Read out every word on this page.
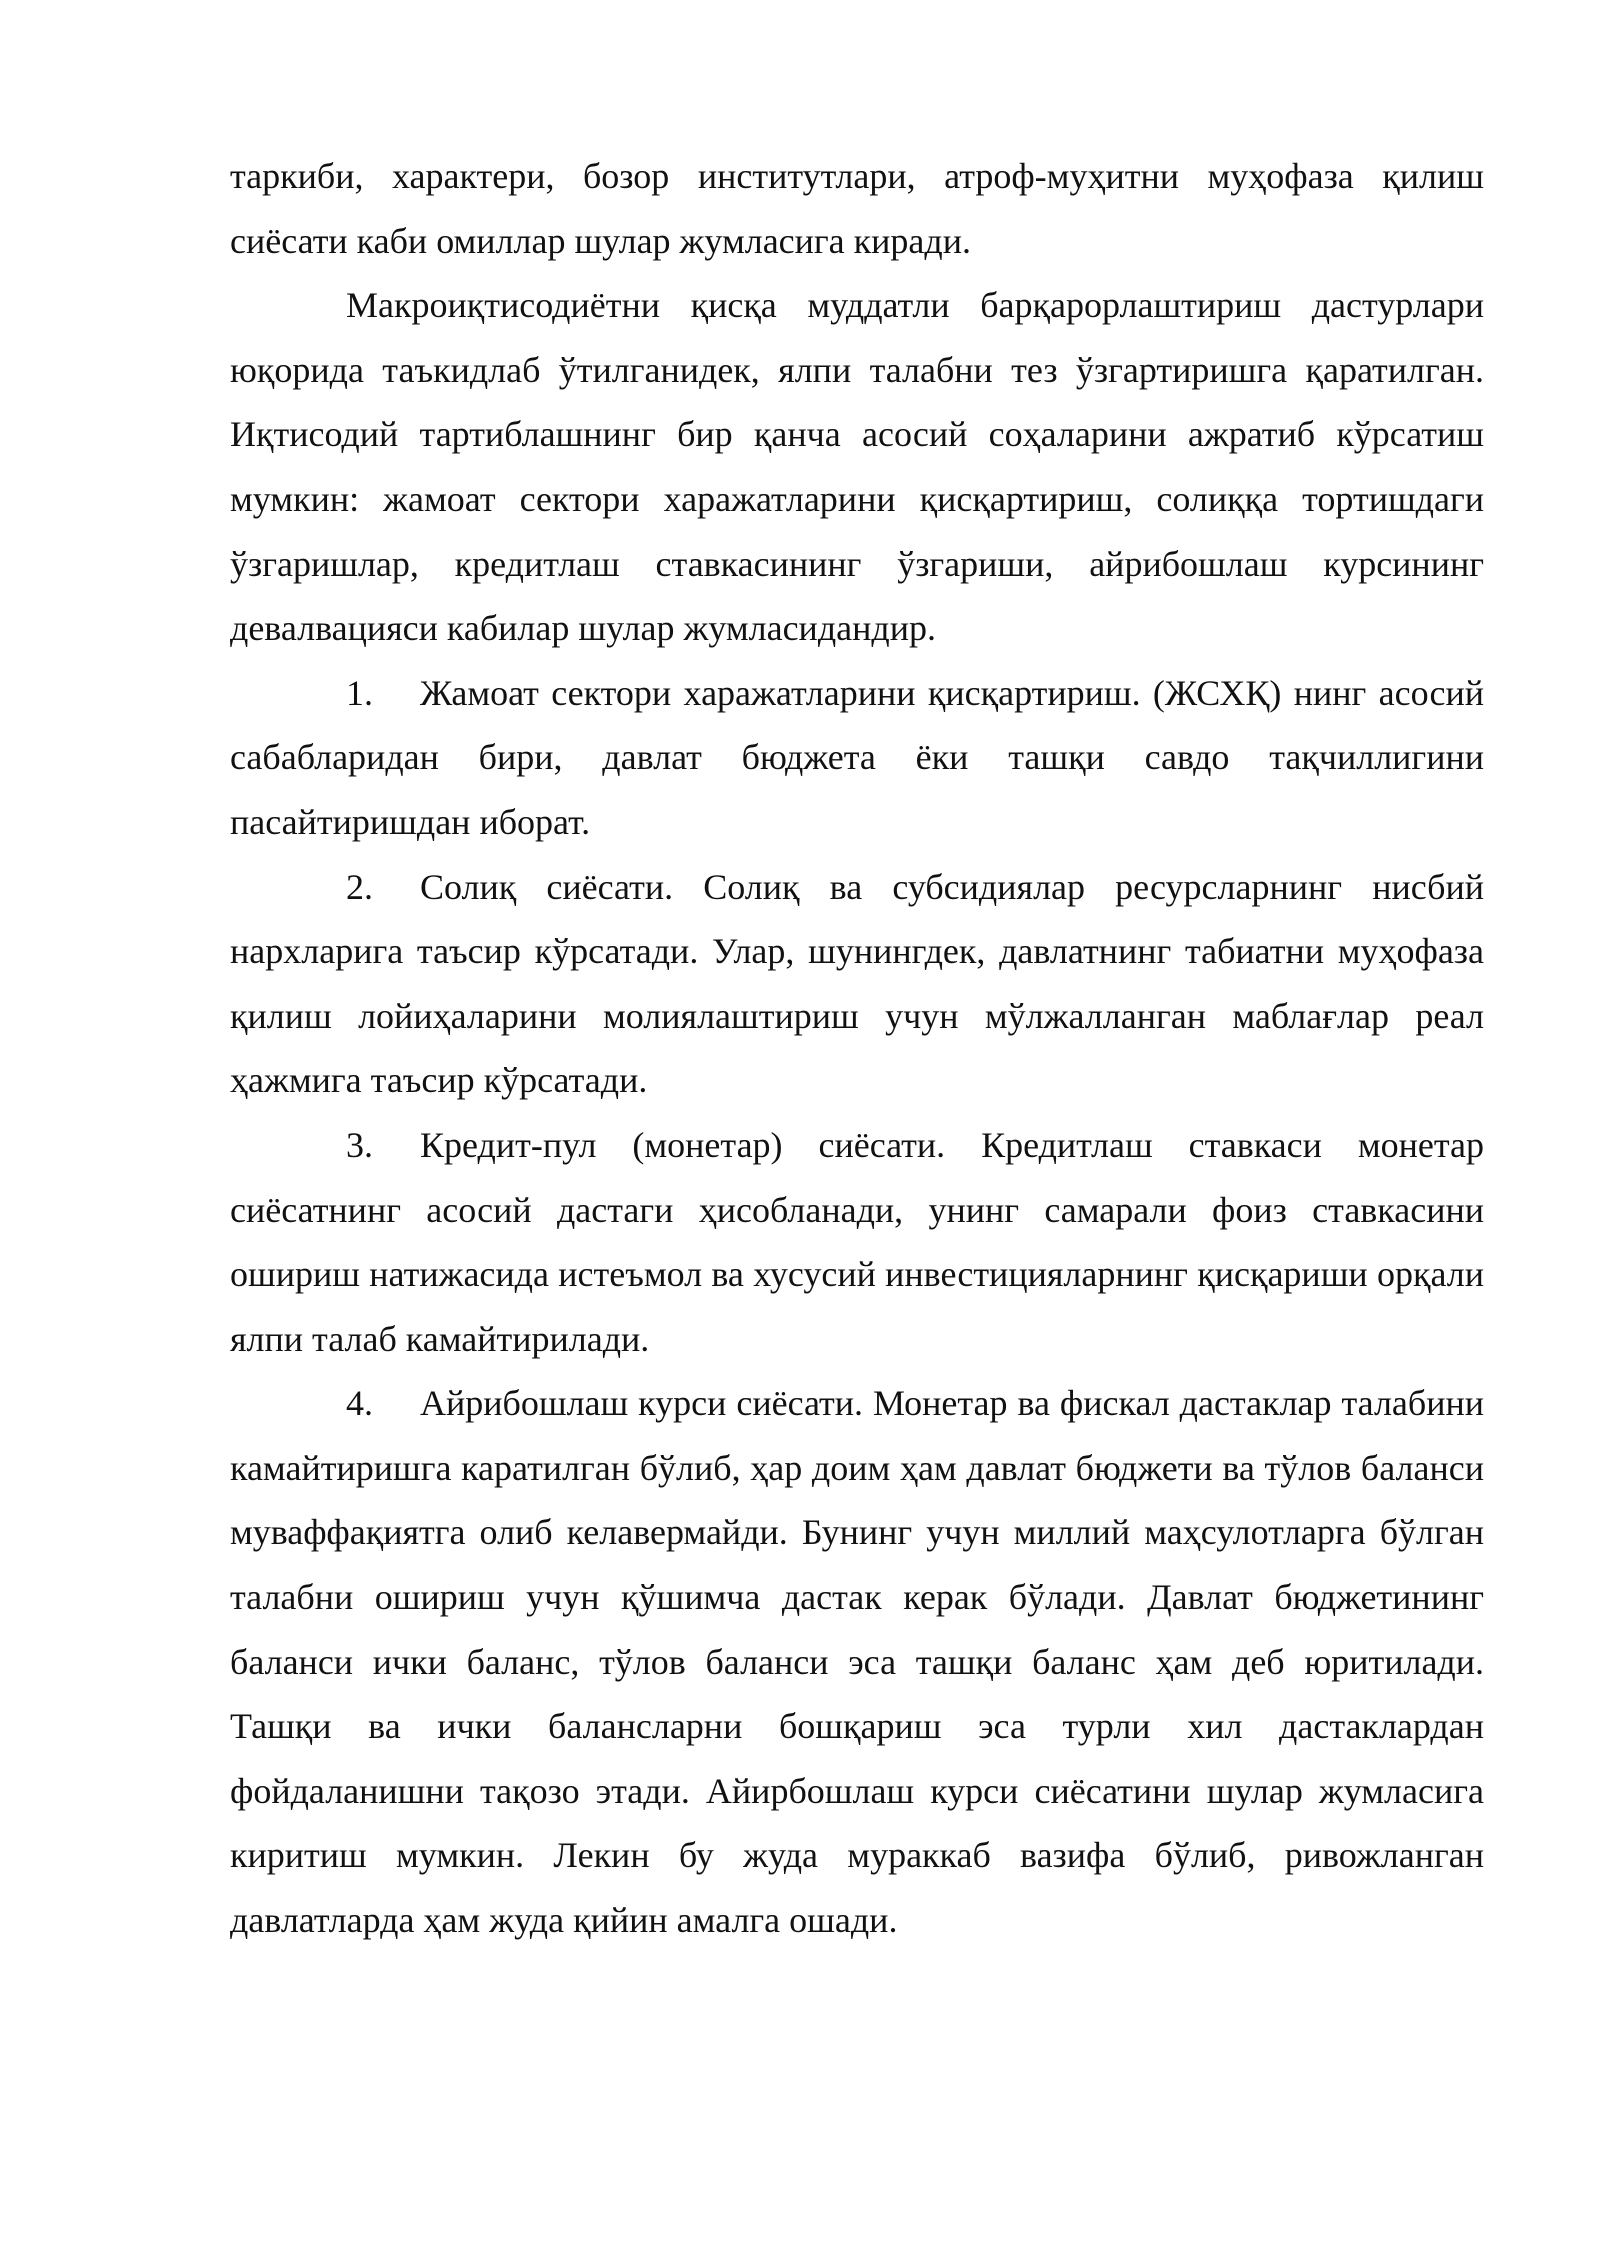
таркиби, характери, бозор институтлари, атроф-муҳитни муҳофаза қилиш сиёсати каби омиллар шулар жумласига киради.

Макроиқтисодиётни қисқа муддатли барқарорлаштириш дастурлари юқорида таъкидлаб ўтилганидек, ялпи талабни тез ўзгартиришга қаратилган. Иқтисодий тартиблашнинг бир қанча асосий соҳаларини ажратиб кўрсатиш мумкин: жамоат сектори харажатларини қисқартириш, солиққа тортишдаги ўзгаришлар, кредитлаш ставкасининг ўзгариши, айрибошлаш курсининг девалвацияси кабилар шулар жумласидандир.

1. Жамоат сектори харажатларини қисқартириш. (ЖСХҚ) нинг асосий сабабларидан бири, давлат бюджета ёки ташқи савдо тақчиллигини пасайтиришдан иборат.

2. Солиқ сиёсати. Солиқ ва субсидиялар ресурсларнинг нисбий нархларига таъсир кўрсатади. Улар, шунингдек, давлатнинг табиатни муҳофаза қилиш лойиҳаларини молиялаштириш учун мўлжалланган маблағлар реал ҳажмига таъсир кўрсатади.

3. Кредит-пул (монетар) сиёсати. Кредитлаш ставкаси монетар сиёсатнинг асосий дастаги ҳисобланади, унинг самарали фоиз ставкасини ошириш натижасида истеъмол ва хусусий инвестицияларнинг қисқариши орқали ялпи талаб камайтирилади.

4. Айрибошлаш курси сиёсати. Монетар ва фискал дастаклар талабини камайтиришга каратилган бўлиб, ҳар доим ҳам давлат бюджети ва тўлов баланси муваффақиятга олиб келавермайди. Бунинг учун миллий маҳсулотларга бўлган талабни ошириш учун қўшимча дастак керак бўлади. Давлат бюджетининг баланси ички баланс, тўлов баланси эса ташқи баланс ҳам деб юритилади. Ташқи ва ички балансларни бошқариш эса турли хил дастаклардан фойдаланишни тақозо этади. Айирбошлаш курси сиёсатини шулар жумласига киритиш мумкин. Лекин бу жуда мураккаб вазифа бўлиб, ривожланган давлатларда ҳам жуда қийин амалга ошади.
